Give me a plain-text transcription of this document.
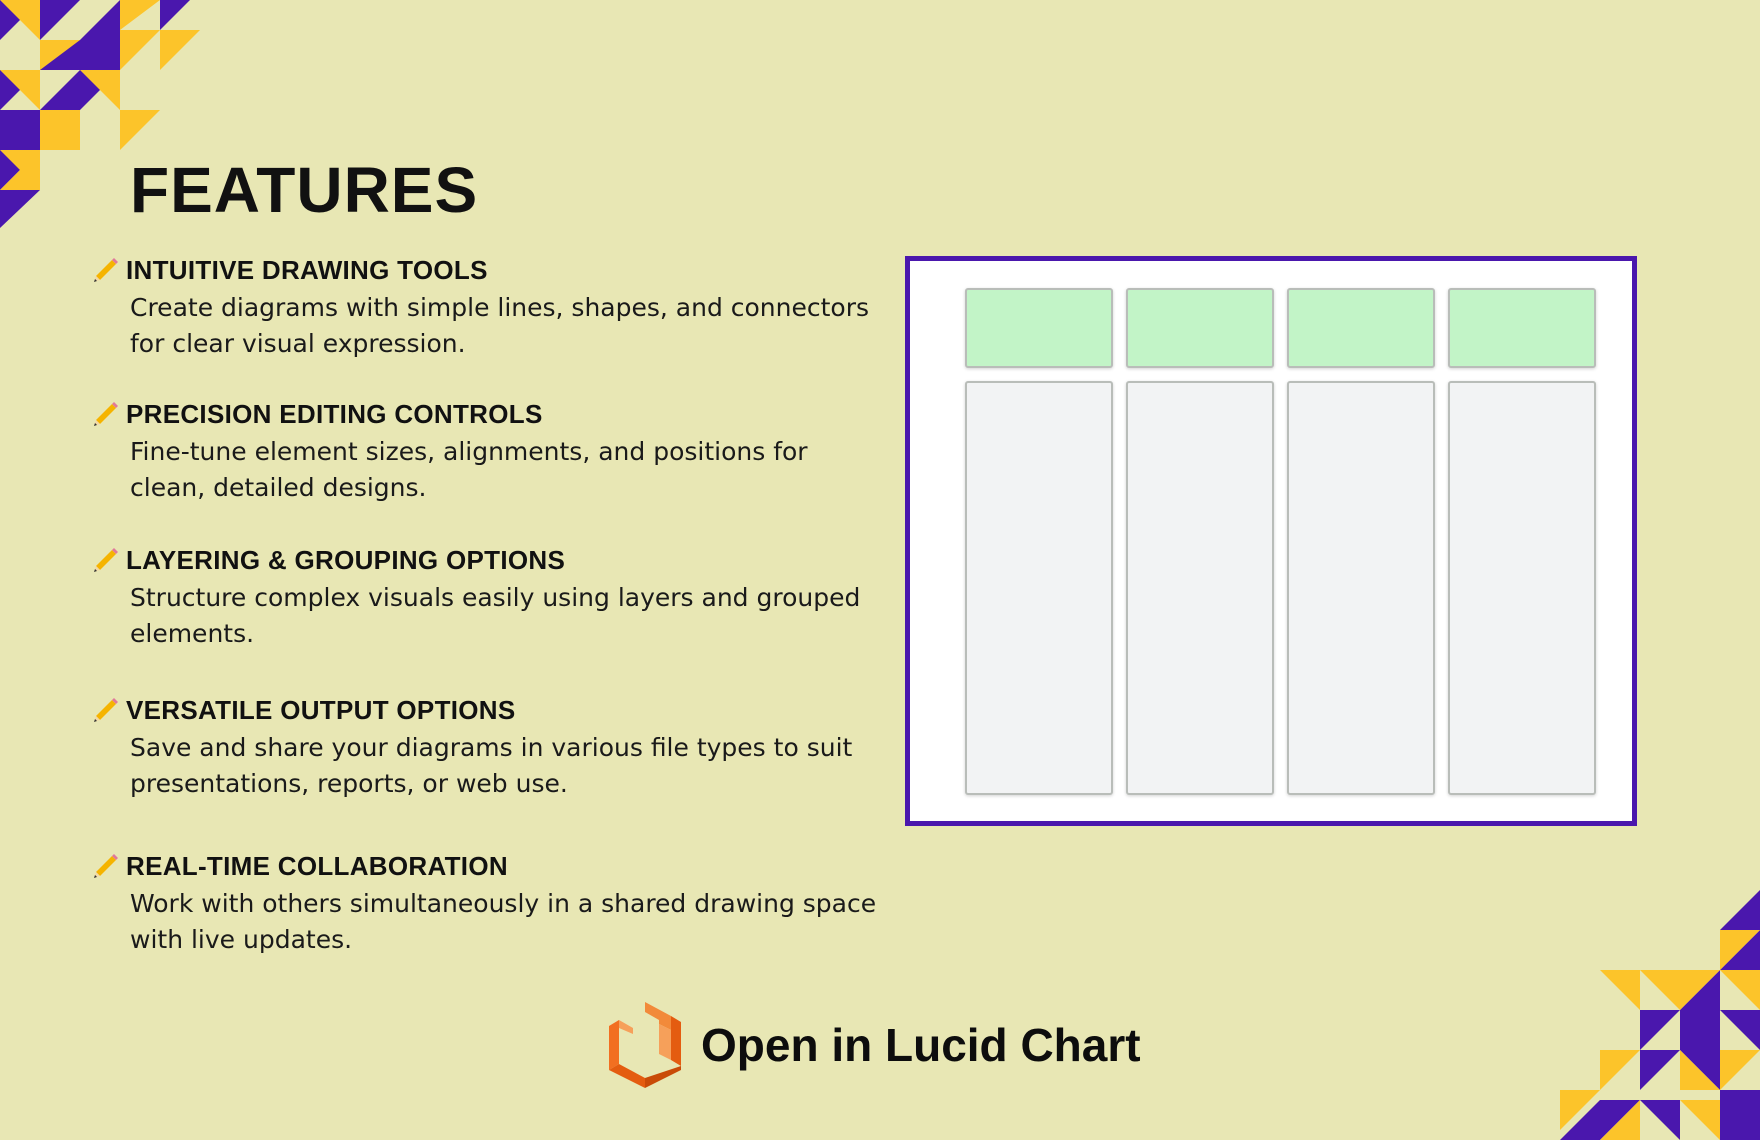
FEATURES
INTUITIVE DRAWING TOOLS

Create diagrams with simple lines, shapes, and connectors for clear visual expression.

PRECISION EDITING CONTROLS

Fine-tune element sizes, alignments, and positions for clean, detailed designs.

LAYERING & GROUPING OPTIONS

Structure complex visuals easily using layers and grouped elements.

VERSATILE OUTPUT OPTIONS

Save and share your diagrams in various file types to suit presentations, reports, or web use.

REAL-TIME COLLABORATION

Work with others simultaneously in a shared drawing space with live updates.

Open in Lucid Chart
